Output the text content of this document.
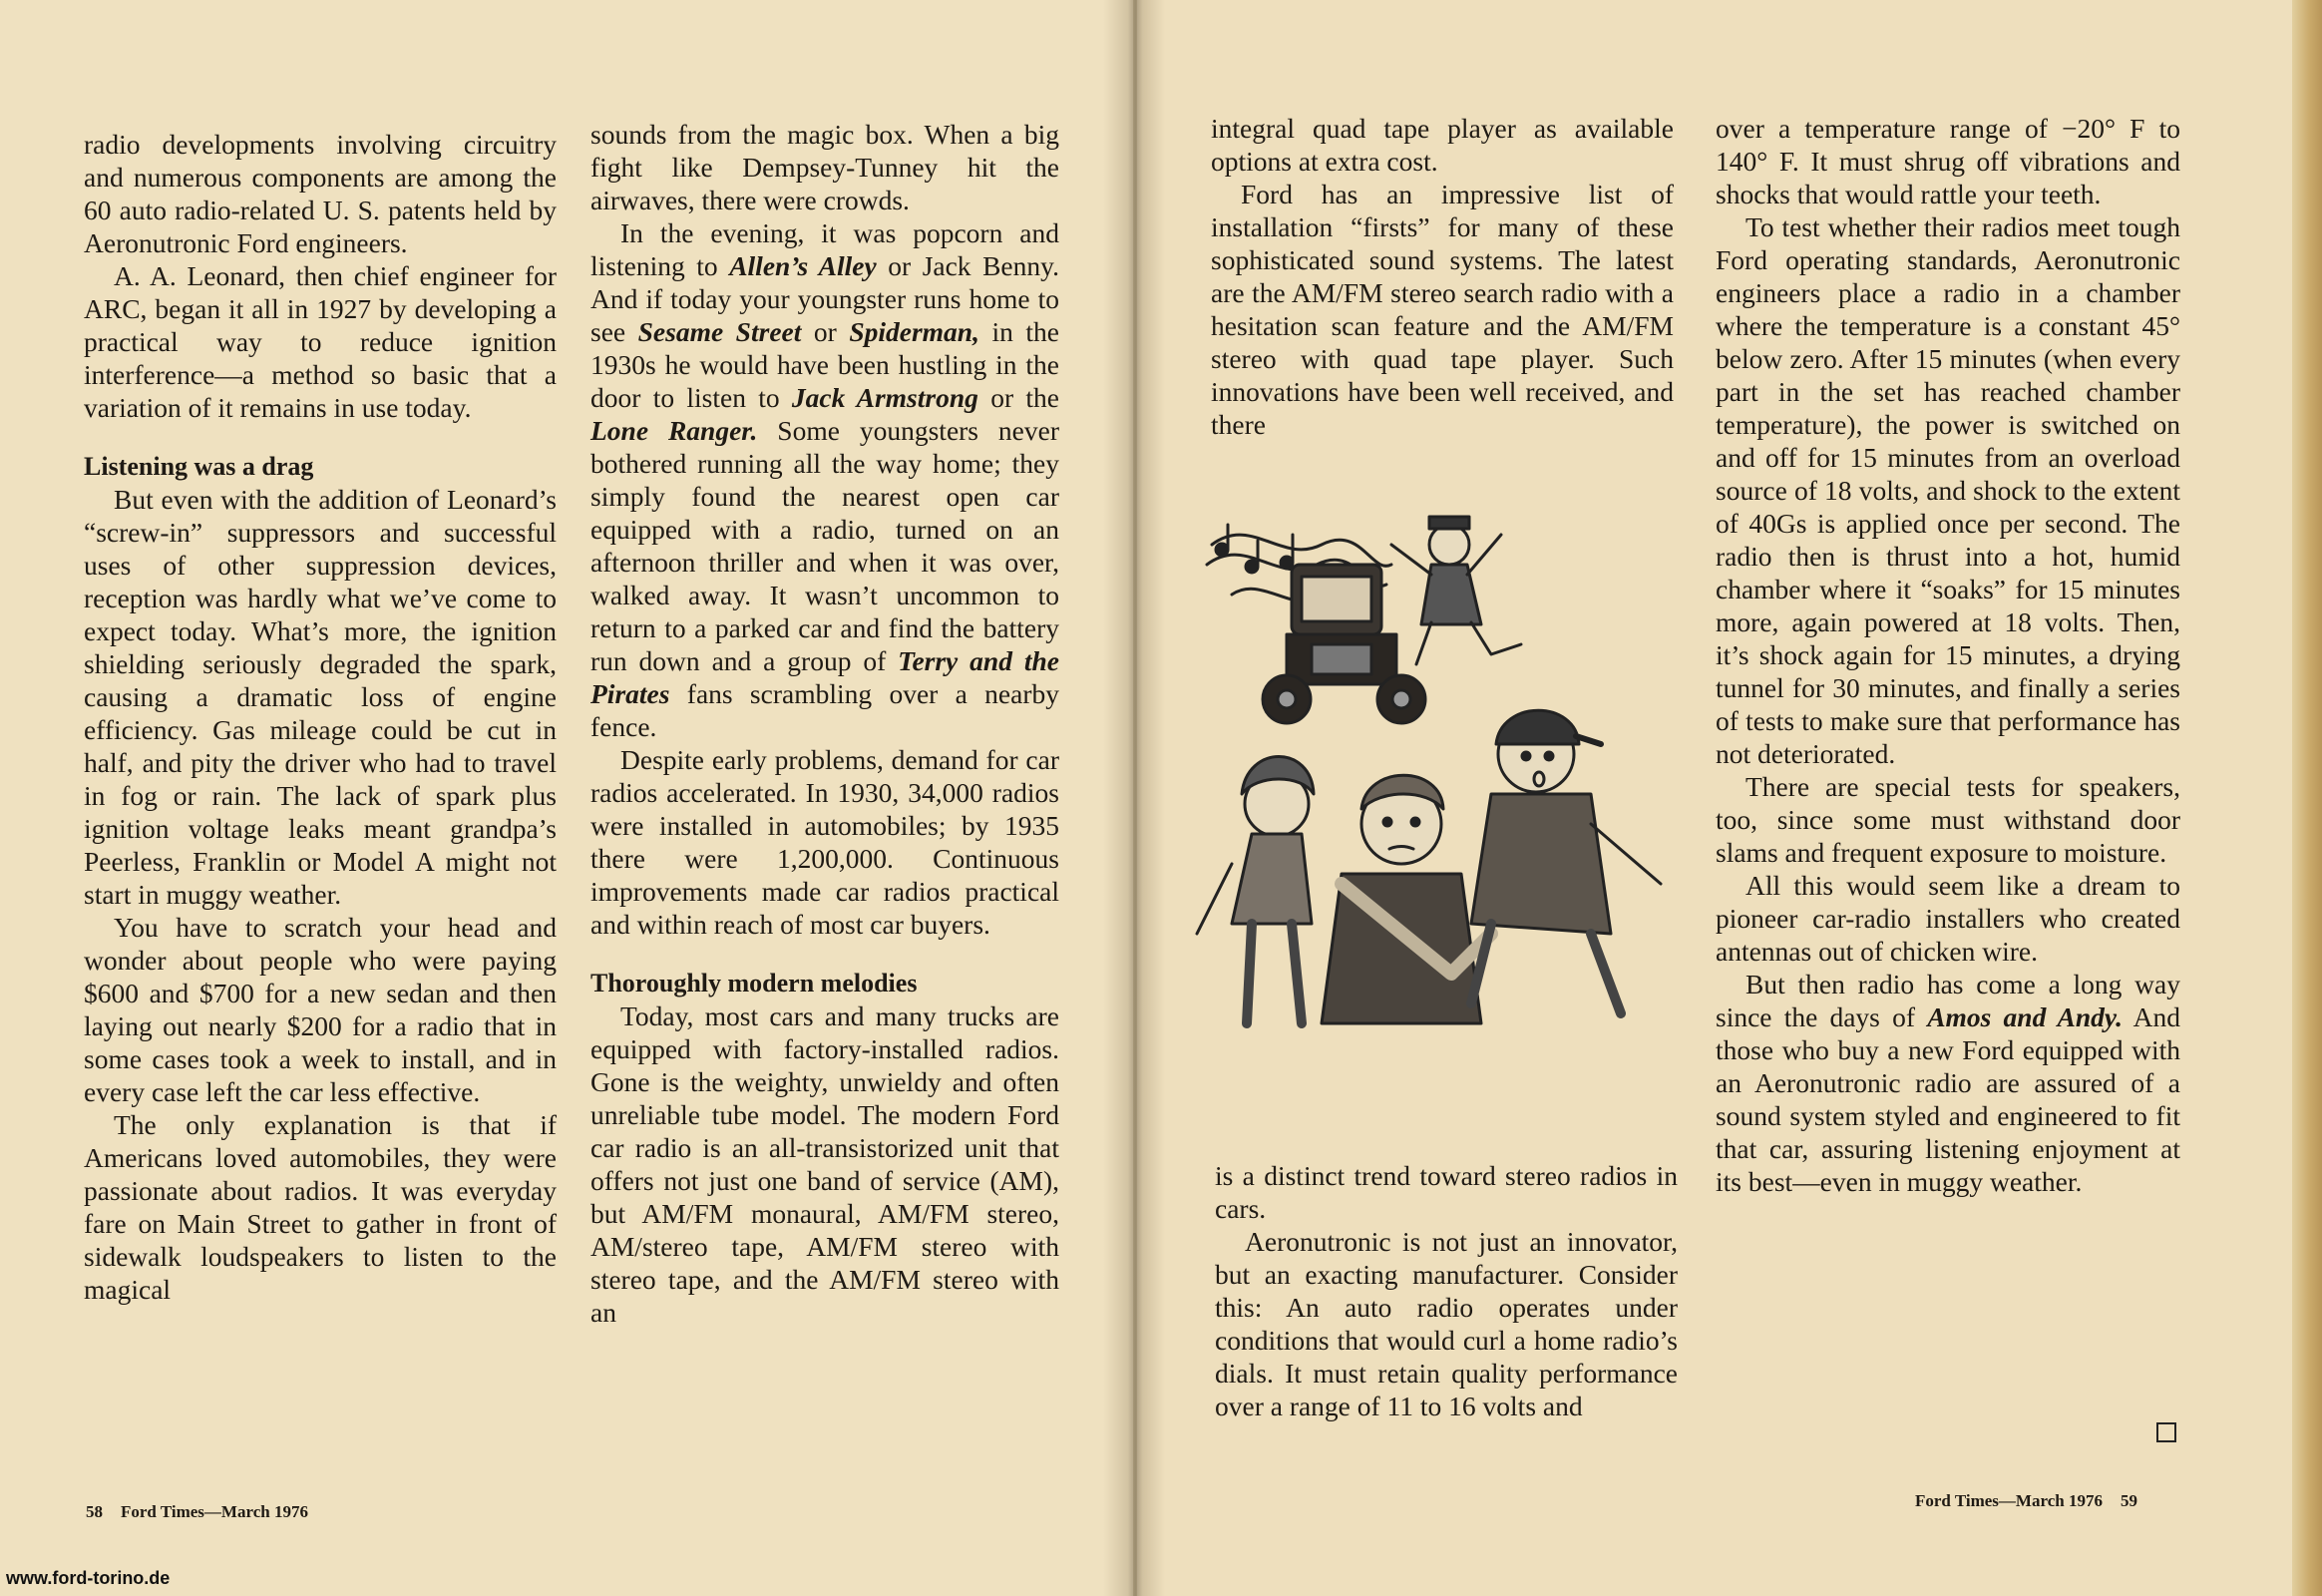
radio developments involving circuitry and numerous components are among the 60 auto radio-related U. S. patents held by Aeronutronic Ford engineers.

A. A. Leonard, then chief engineer for ARC, began it all in 1927 by developing a practical way to reduce ignition interference—a method so basic that a variation of it remains in use today.

Listening was a drag

But even with the addition of Leonard’s “screw-in” suppressors and successful uses of other suppression devices, reception was hardly what we’ve come to expect today. What’s more, the ignition shielding seriously degraded the spark, causing a dramatic loss of engine efficiency. Gas mileage could be cut in half, and pity the driver who had to travel in fog or rain. The lack of spark plus ignition voltage leaks meant grandpa’s Peerless, Franklin or Model A might not start in muggy weather.

You have to scratch your head and wonder about people who were paying $600 and $700 for a new sedan and then laying out nearly $200 for a radio that in some cases took a week to install, and in every case left the car less effective.

The only explanation is that if Americans loved automobiles, they were passionate about radios. It was everyday fare on Main Street to gather in front of sidewalk loudspeakers to listen to the magical

sounds from the magic box. When a big fight like Dempsey-Tunney hit the airwaves, there were crowds.

In the evening, it was popcorn and listening to Allen’s Alley or Jack Benny. And if today your youngster runs home to see Sesame Street or Spiderman, in the 1930s he would have been hustling in the door to listen to Jack Armstrong or the Lone Ranger. Some youngsters never bothered running all the way home; they simply found the nearest open car equipped with a radio, turned on an afternoon thriller and when it was over, walked away. It wasn’t uncommon to return to a parked car and find the battery run down and a group of Terry and the Pirates fans scrambling over a nearby fence.

Despite early problems, demand for car radios accelerated. In 1930, 34,000 radios were installed in automobiles; by 1935 there were 1,200,000. Continuous improvements made car radios practical and within reach of most car buyers.

Thoroughly modern melodies

Today, most cars and many trucks are equipped with factory-installed radios. Gone is the weighty, unwieldy and often unreliable tube model. The modern Ford car radio is an all-transistorized unit that offers not just one band of service (AM), but AM/FM monaural, AM/FM stereo, AM/stereo tape, AM/FM stereo with stereo tape, and the AM/FM stereo with an

integral quad tape player as available options at extra cost.

Ford has an impressive list of installation “firsts” for many of these sophisticated sound systems. The latest are the AM/FM stereo search radio with a hesitation scan feature and the AM/FM stereo with quad tape player. Such innovations have been well received, and there

is a distinct trend toward stereo radios in cars.

Aeronutronic is not just an innovator, but an exacting manufacturer. Consider this: An auto radio operates under conditions that would curl a home radio’s dials. It must retain quality performance over a range of 11 to 16 volts and

over a temperature range of −20° F to 140° F. It must shrug off vibrations and shocks that would rattle your teeth.

To test whether their radios meet tough Ford operating standards, Aeronutronic engineers place a radio in a chamber where the temperature is a constant 45° below zero. After 15 minutes (when every part in the set has reached chamber temperature), the power is switched on and off for 15 minutes from an overload source of 18 volts, and shock to the extent of 40Gs is applied once per second. The radio then is thrust into a hot, humid chamber where it “soaks” for 15 minutes more, again powered at 18 volts. Then, it’s shock again for 15 minutes, a drying tunnel for 30 minutes, and finally a series of tests to make sure that performance has not deteriorated.

There are special tests for speakers, too, since some must withstand door slams and frequent exposure to moisture.

All this would seem like a dream to pioneer car-radio installers who created antennas out of chicken wire.

But then radio has come a long way since the days of Amos and Andy. And those who buy a new Ford equipped with an Aeronutronic radio are assured of a sound system styled and engineered to fit that car, assuring listening enjoyment at its best—even in muggy weather.

58 Ford Times—March 1976
Ford Times—March 1976 59
www.ford-torino.de
